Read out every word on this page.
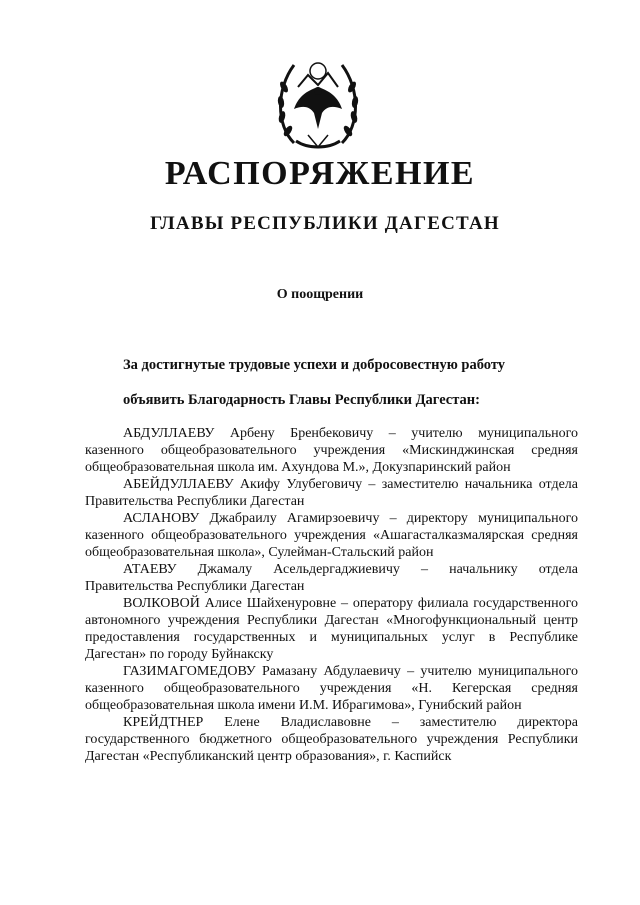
РАСПОРЯЖЕНИЕ
ГЛАВЫ РЕСПУБЛИКИ ДАГЕСТАН
О поощрении
За достигнутые трудовые успехи и добросовестную работу
объявить Благодарность Главы Республики Дагестан:

АБДУЛЛАЕВУ Арбену Бренбековичу – учителю муниципального казенного общеобразовательного учреждения «Мискинджинская средняя общеобразовательная школа им. Ахундова М.», Докузпаринский район

АБЕЙДУЛЛАЕВУ Акифу Улубеговичу – заместителю начальника отдела Правительства Республики Дагестан

АСЛАНОВУ Джабраилу Агамирзоевичу – директору муниципального казенного общеобразовательного учреждения «Ашагасталказмалярская средняя общеобразовательная школа», Сулейман-Стальский район

АТАЕВУ Джамалу Асельдергаджиевичу – начальнику отдела Правительства Республики Дагестан

ВОЛКОВОЙ Алисе Шайхенуровне – оператору филиала государственного автономного учреждения Республики Дагестан «Многофункциональный центр предоставления государственных и муниципальных услуг в Республике Дагестан» по городу Буйнакску

ГАЗИМАГОМЕДОВУ Рамазану Абдулаевичу – учителю муниципального казенного общеобразовательного учреждения «Н. Кегерская средняя общеобразовательная школа имени И.М. Ибрагимова», Гунибский район

КРЕЙДТНЕР Елене Владиславовне – заместителю директора государственного бюджетного общеобразовательного учреждения Республики Дагестан «Республиканский центр образования», г. Каспийск
